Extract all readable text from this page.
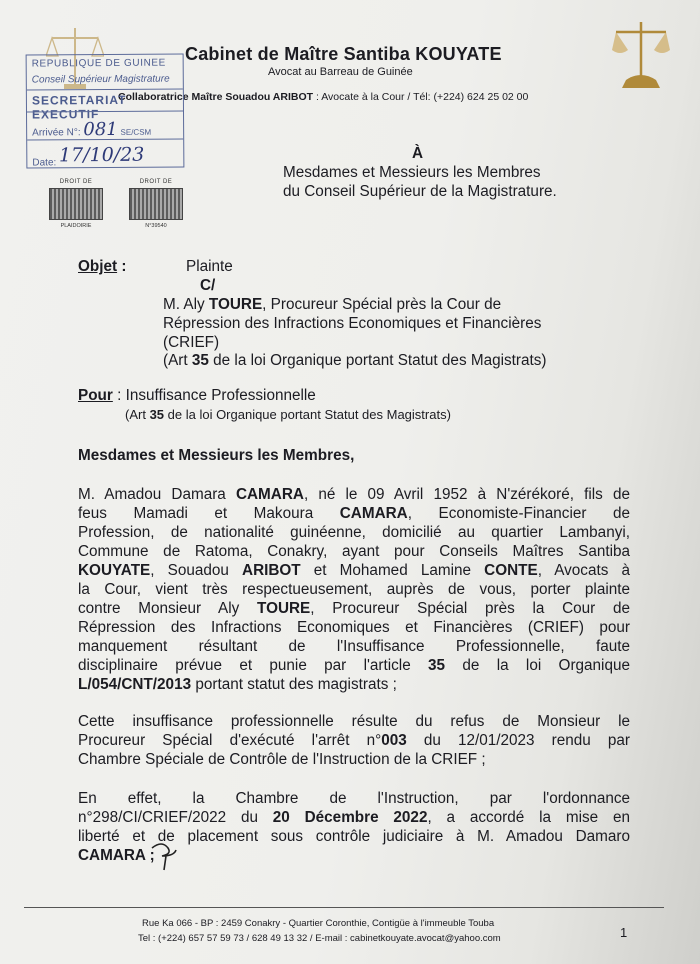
Cabinet de Maître Santiba KOUYATE
Avocat au Barreau de Guinée
Collaboratrice Maître Souadou ARIBOT : Avocate à la Cour / Tél: (+224) 624 25 02 00
REPUBLIQUE DE GUINEE
Conseil Supérieur Magistrature
SECRETARIAT EXECUTIF
Arrivée N°: 081 SE/CSM
Date: 17/10/23
DROIT DE
PLAIDOIRIE
DROIT DE
N°39540
À
Mesdames et Messieurs les Membres
du Conseil Supérieur de la Magistrature.
Objet :	Plainte
C/
M. Aly TOURE, Procureur Spécial près la Cour de
Répression des Infractions Economiques et Financières
(CRIEF)
(Art 35 de la loi Organique portant Statut des Magistrats)
Pour : Insuffisance Professionnelle
(Art 35 de la loi Organique portant Statut des Magistrats)
Mesdames et Messieurs les Membres,
M. Amadou Damara CAMARA, né le 09 Avril 1952 à N'zérékoré, fils de
feus Mamadi et Makoura CAMARA, Economiste-Financier de
Profession, de nationalité guinéenne, domicilié au quartier Lambanyi,
Commune de Ratoma, Conakry, ayant pour Conseils Maîtres Santiba
KOUYATE, Souadou ARIBOT et Mohamed Lamine CONTE, Avocats à
la Cour, vient très respectueusement, auprès de vous, porter plainte
contre Monsieur Aly TOURE, Procureur Spécial près la Cour de
Répression des Infractions Economiques et Financières (CRIEF) pour
manquement résultant de l'Insuffisance Professionnelle, faute
disciplinaire prévue et punie par l'article 35 de la loi Organique
L/054/CNT/2013 portant statut des magistrats ;
Cette insuffisance professionnelle résulte du refus de Monsieur le
Procureur Spécial d'exécuté l'arrêt n°003 du 12/01/2023 rendu par
Chambre Spéciale de Contrôle de l'Instruction de la CRIEF ;
En effet, la Chambre de l'Instruction, par l'ordonnance
n°298/CI/CRIEF/2022 du 20 Décembre 2022, a accordé la mise en
liberté et de placement sous contrôle judiciaire à M. Amadou Damaro
CAMARA ;
Rue Ka 066 - BP : 2459 Conakry - Quartier Coronthie, Contigüe à l'immeuble Touba
Tel : (+224) 657 57 59 73 / 628 49 13 32 / E-mail : cabinetkouyate.avocat@yahoo.com	1
